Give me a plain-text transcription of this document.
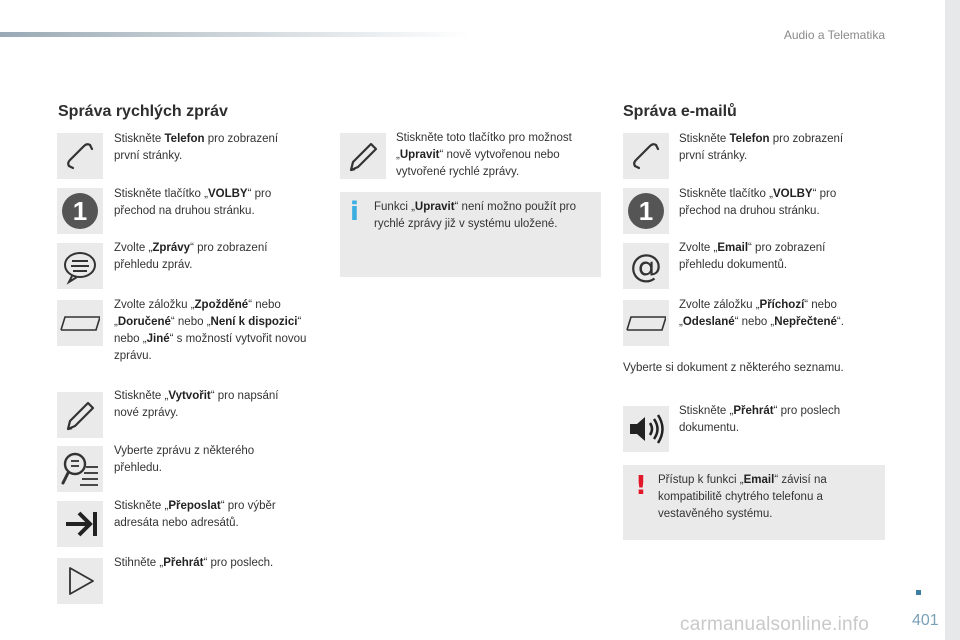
Audio a Telematika
Správa rychlých zpráv
Stiskněte Telefon pro zobrazení první stránky.
1
Stiskněte tlačítko „VOLBY“ pro přechod na druhou stránku.
Zvolte „Zprávy“ pro zobrazení přehledu zpráv.
Zvolte záložku „Zpožděné“ nebo „Doručené“ nebo „Není k dispozici“ nebo „Jiné“ s možností vytvořit novou zprávu.
Stiskněte „Vytvořit“ pro napsání nové zprávy.
Vyberte zprávu z některého přehledu.
Stiskněte „Přeposlat“ pro výběr adresáta nebo adresátů.
Stihněte „Přehrát“ pro poslech.
Stiskněte toto tlačítko pro možnost „Upravit“ nově vytvořenou nebo vytvořené rychlé zprávy.
i Funkci „Upravit“ není možno použít pro rychlé zprávy již v systému uložené.
Správa e-mailů
Stiskněte Telefon pro zobrazení první stránky.
1
Stiskněte tlačítko „VOLBY“ pro přechod na druhou stránku.
@ Zvolte „Email“ pro zobrazení přehledu dokumentů.
Zvolte záložku „Příchozí“ nebo „Odeslané“ nebo „Nepřečtené“.
Vyberte si dokument z některého seznamu.
Stiskněte „Přehrát“ pro poslech dokumentu.
! Přístup k funkci „Email“ závisí na kompatibilitě chytrého telefonu a vestavěného systému.
401
carmanualsonline.info
